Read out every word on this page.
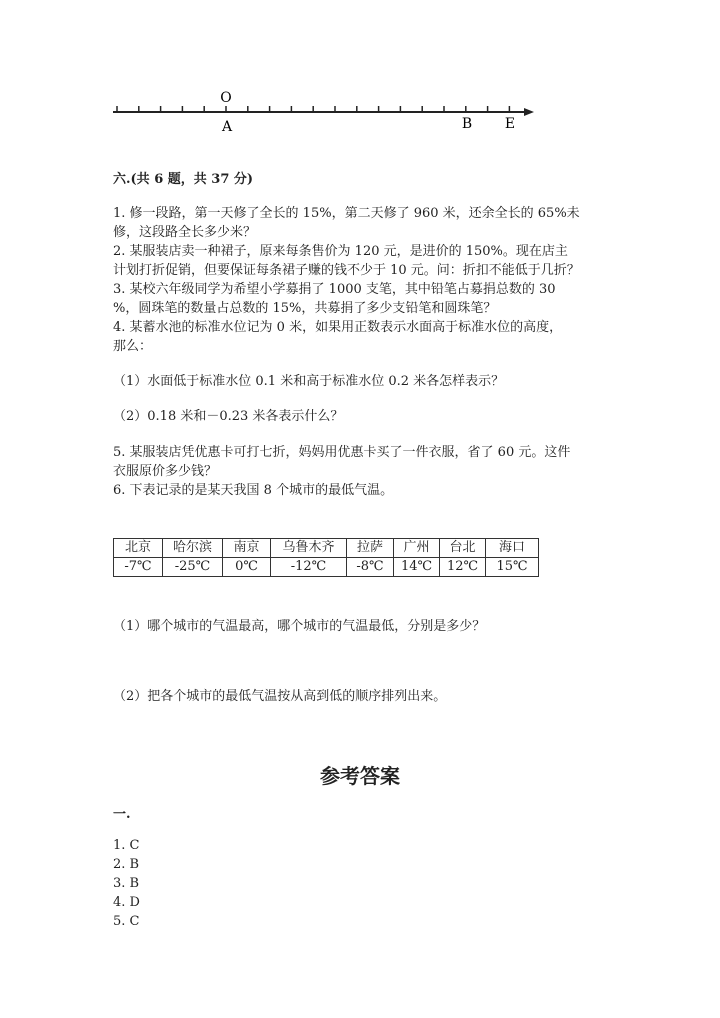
O
A	B E
六.(共 6 题，共 37 分)
1. 修一段路，第一天修了全长的 15%，第二天修了 960 米，还余全长的 65%未
修，这段路全长多少米？
2. 某服装店卖一种裙子，原来每条售价为 120 元，是进价的 150%。现在店主
计划打折促销，但要保证每条裙子赚的钱不少于 10 元。问：折扣不能低于几折？
3. 某校六年级同学为希望小学募捐了 1000 支笔，其中铅笔占募捐总数的 30
%，圆珠笔的数量占总数的 15%，共募捐了多少支铅笔和圆珠笔？
4. 某蓄水池的标准水位记为 0 米，如果用正数表示水面高于标准水位的高度，
那么：
（1）水面低于标准水位 0.1 米和高于标准水位 0.2 米各怎样表示？
（2）0.18 米和－0.23 米各表示什么？
5. 某服装店凭优惠卡可打七折，妈妈用优惠卡买了一件衣服，省了 60 元。这件
衣服原价多少钱？
6. 下表记录的是某天我国 8 个城市的最低气温。
北京	哈尔滨	南京	乌鲁木齐	拉萨	广州	台北	海口
-7℃	-25℃	0℃	-12℃	-8℃	14℃	12℃	15℃
（1）哪个城市的气温最高，哪个城市的气温最低，分别是多少？
（2）把各个城市的最低气温按从高到低的顺序排列出来。
参考答案
一.
1. C
2. B
3. B
4. D
5. C
